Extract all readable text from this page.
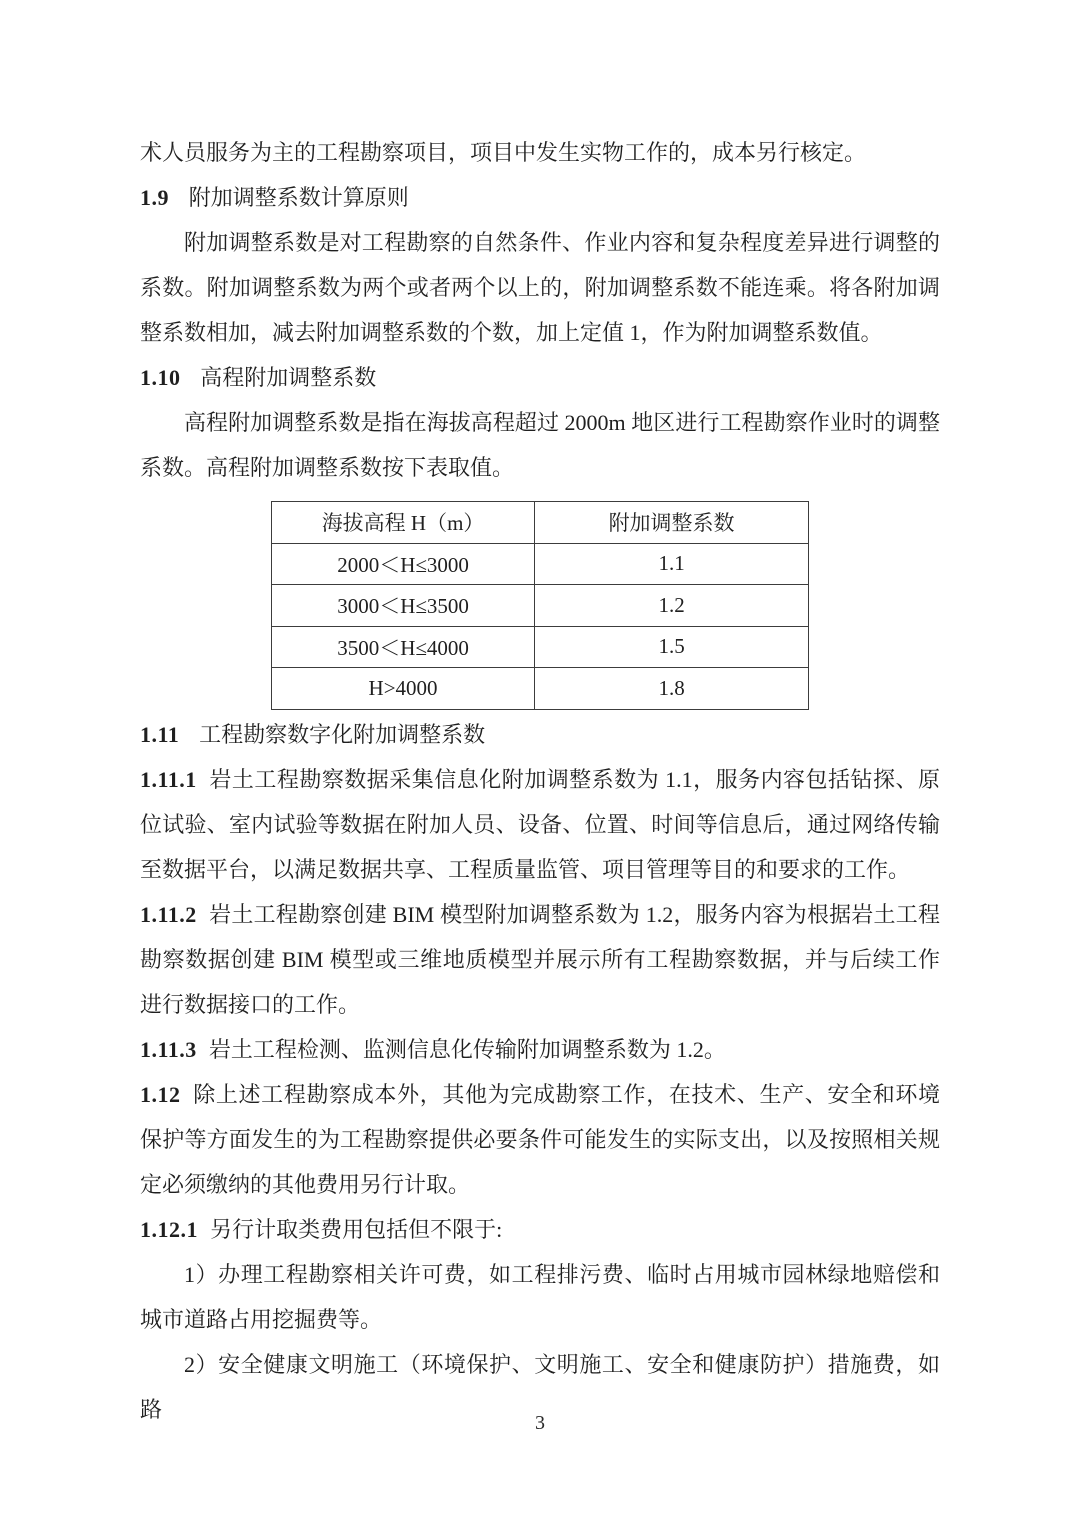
术人员服务为主的工程勘察项目，项目中发生实物工作的，成本另行核定。

1.9 附加调整系数计算原则

附加调整系数是对工程勘察的自然条件、作业内容和复杂程度差异进行调整的系数。附加调整系数为两个或者两个以上的，附加调整系数不能连乘。将各附加调整系数相加，减去附加调整系数的个数，加上定值 1，作为附加调整系数值。

1.10 高程附加调整系数

高程附加调整系数是指在海拔高程超过 2000m 地区进行工程勘察作业时的调整系数。高程附加调整系数按下表取值。

海拔高程 H（m）	附加调整系数
2000＜H≤3000	1.1
3000＜H≤3500	1.2
3500＜H≤4000	1.5
H>4000	1.8

1.11 工程勘察数字化附加调整系数

1.11.1 岩土工程勘察数据采集信息化附加调整系数为 1.1，服务内容包括钻探、原位试验、室内试验等数据在附加人员、设备、位置、时间等信息后，通过网络传输至数据平台，以满足数据共享、工程质量监管、项目管理等目的和要求的工作。

1.11.2 岩土工程勘察创建 BIM 模型附加调整系数为 1.2，服务内容为根据岩土工程勘察数据创建 BIM 模型或三维地质模型并展示所有工程勘察数据，并与后续工作进行数据接口的工作。

1.11.3 岩土工程检测、监测信息化传输附加调整系数为 1.2。

1.12 除上述工程勘察成本外，其他为完成勘察工作，在技术、生产、安全和环境保护等方面发生的为工程勘察提供必要条件可能发生的实际支出，以及按照相关规定必须缴纳的其他费用另行计取。

1.12.1 另行计取类费用包括但不限于:

1）办理工程勘察相关许可费，如工程排污费、临时占用城市园林绿地赔偿和城市道路占用挖掘费等。

2）安全健康文明施工（环境保护、文明施工、安全和健康防护）措施费，如路

3
